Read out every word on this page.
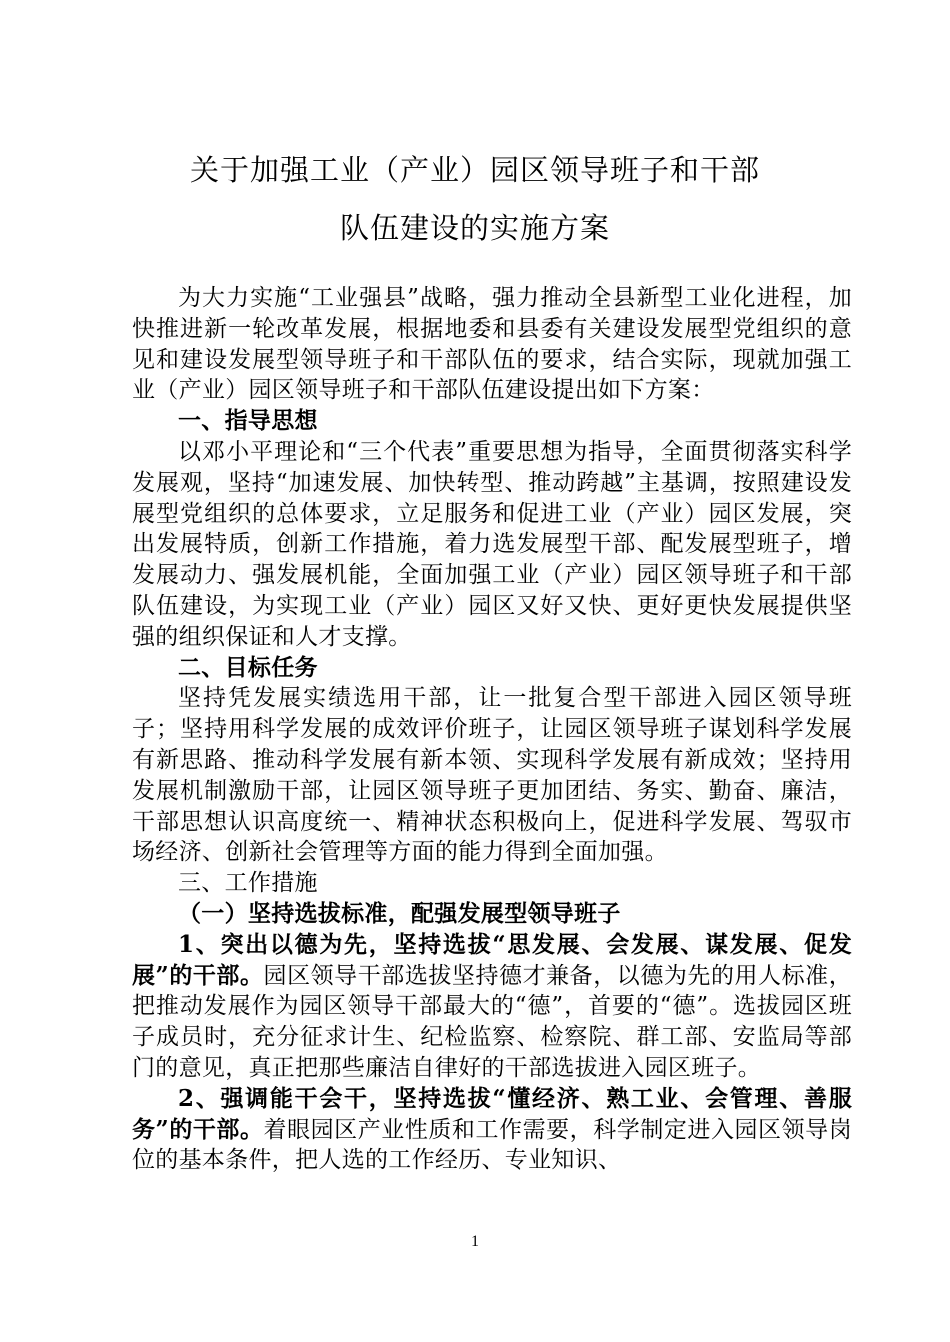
关于加强工业（产业）园区领导班子和干部
队伍建设的实施方案

为大力实施“工业强县”战略，强力推动全县新型工业化进程，加快推进新一轮改革发展，根据地委和县委有关建设发展型党组织的意见和建设发展型领导班子和干部队伍的要求，结合实际，现就加强工业（产业）园区领导班子和干部队伍建设提出如下方案：

一、指导思想

以邓小平理论和“三个代表”重要思想为指导，全面贯彻落实科学发展观，坚持“加速发展、加快转型、推动跨越”主基调，按照建设发展型党组织的总体要求，立足服务和促进工业（产业）园区发展，突出发展特质，创新工作措施，着力选发展型干部、配发展型班子，增发展动力、强发展机能，全面加强工业（产业）园区领导班子和干部队伍建设，为实现工业（产业）园区又好又快、更好更快发展提供坚强的组织保证和人才支撑。

二、目标任务

坚持凭发展实绩选用干部，让一批复合型干部进入园区领导班子；坚持用科学发展的成效评价班子，让园区领导班子谋划科学发展有新思路、推动科学发展有新本领、实现科学发展有新成效；坚持用发展机制激励干部，让园区领导班子更加团结、务实、勤奋、廉洁，干部思想认识高度统一、精神状态积极向上，促进科学发展、驾驭市场经济、创新社会管理等方面的能力得到全面加强。

三、工作措施

（一）坚持选拔标准，配强发展型领导班子

1、突出以德为先，坚持选拔“思发展、会发展、谋发展、促发展”的干部。园区领导干部选拔坚持德才兼备，以德为先的用人标准，把推动发展作为园区领导干部最大的“德”，首要的“德”。选拔园区班子成员时，充分征求计生、纪检监察、检察院、群工部、安监局等部门的意见，真正把那些廉洁自律好的干部选拔进入园区班子。

2、强调能干会干，坚持选拔“懂经济、熟工业、会管理、善服务”的干部。着眼园区产业性质和工作需要，科学制定进入园区领导岗位的基本条件，把人选的工作经历、专业知识、

1
